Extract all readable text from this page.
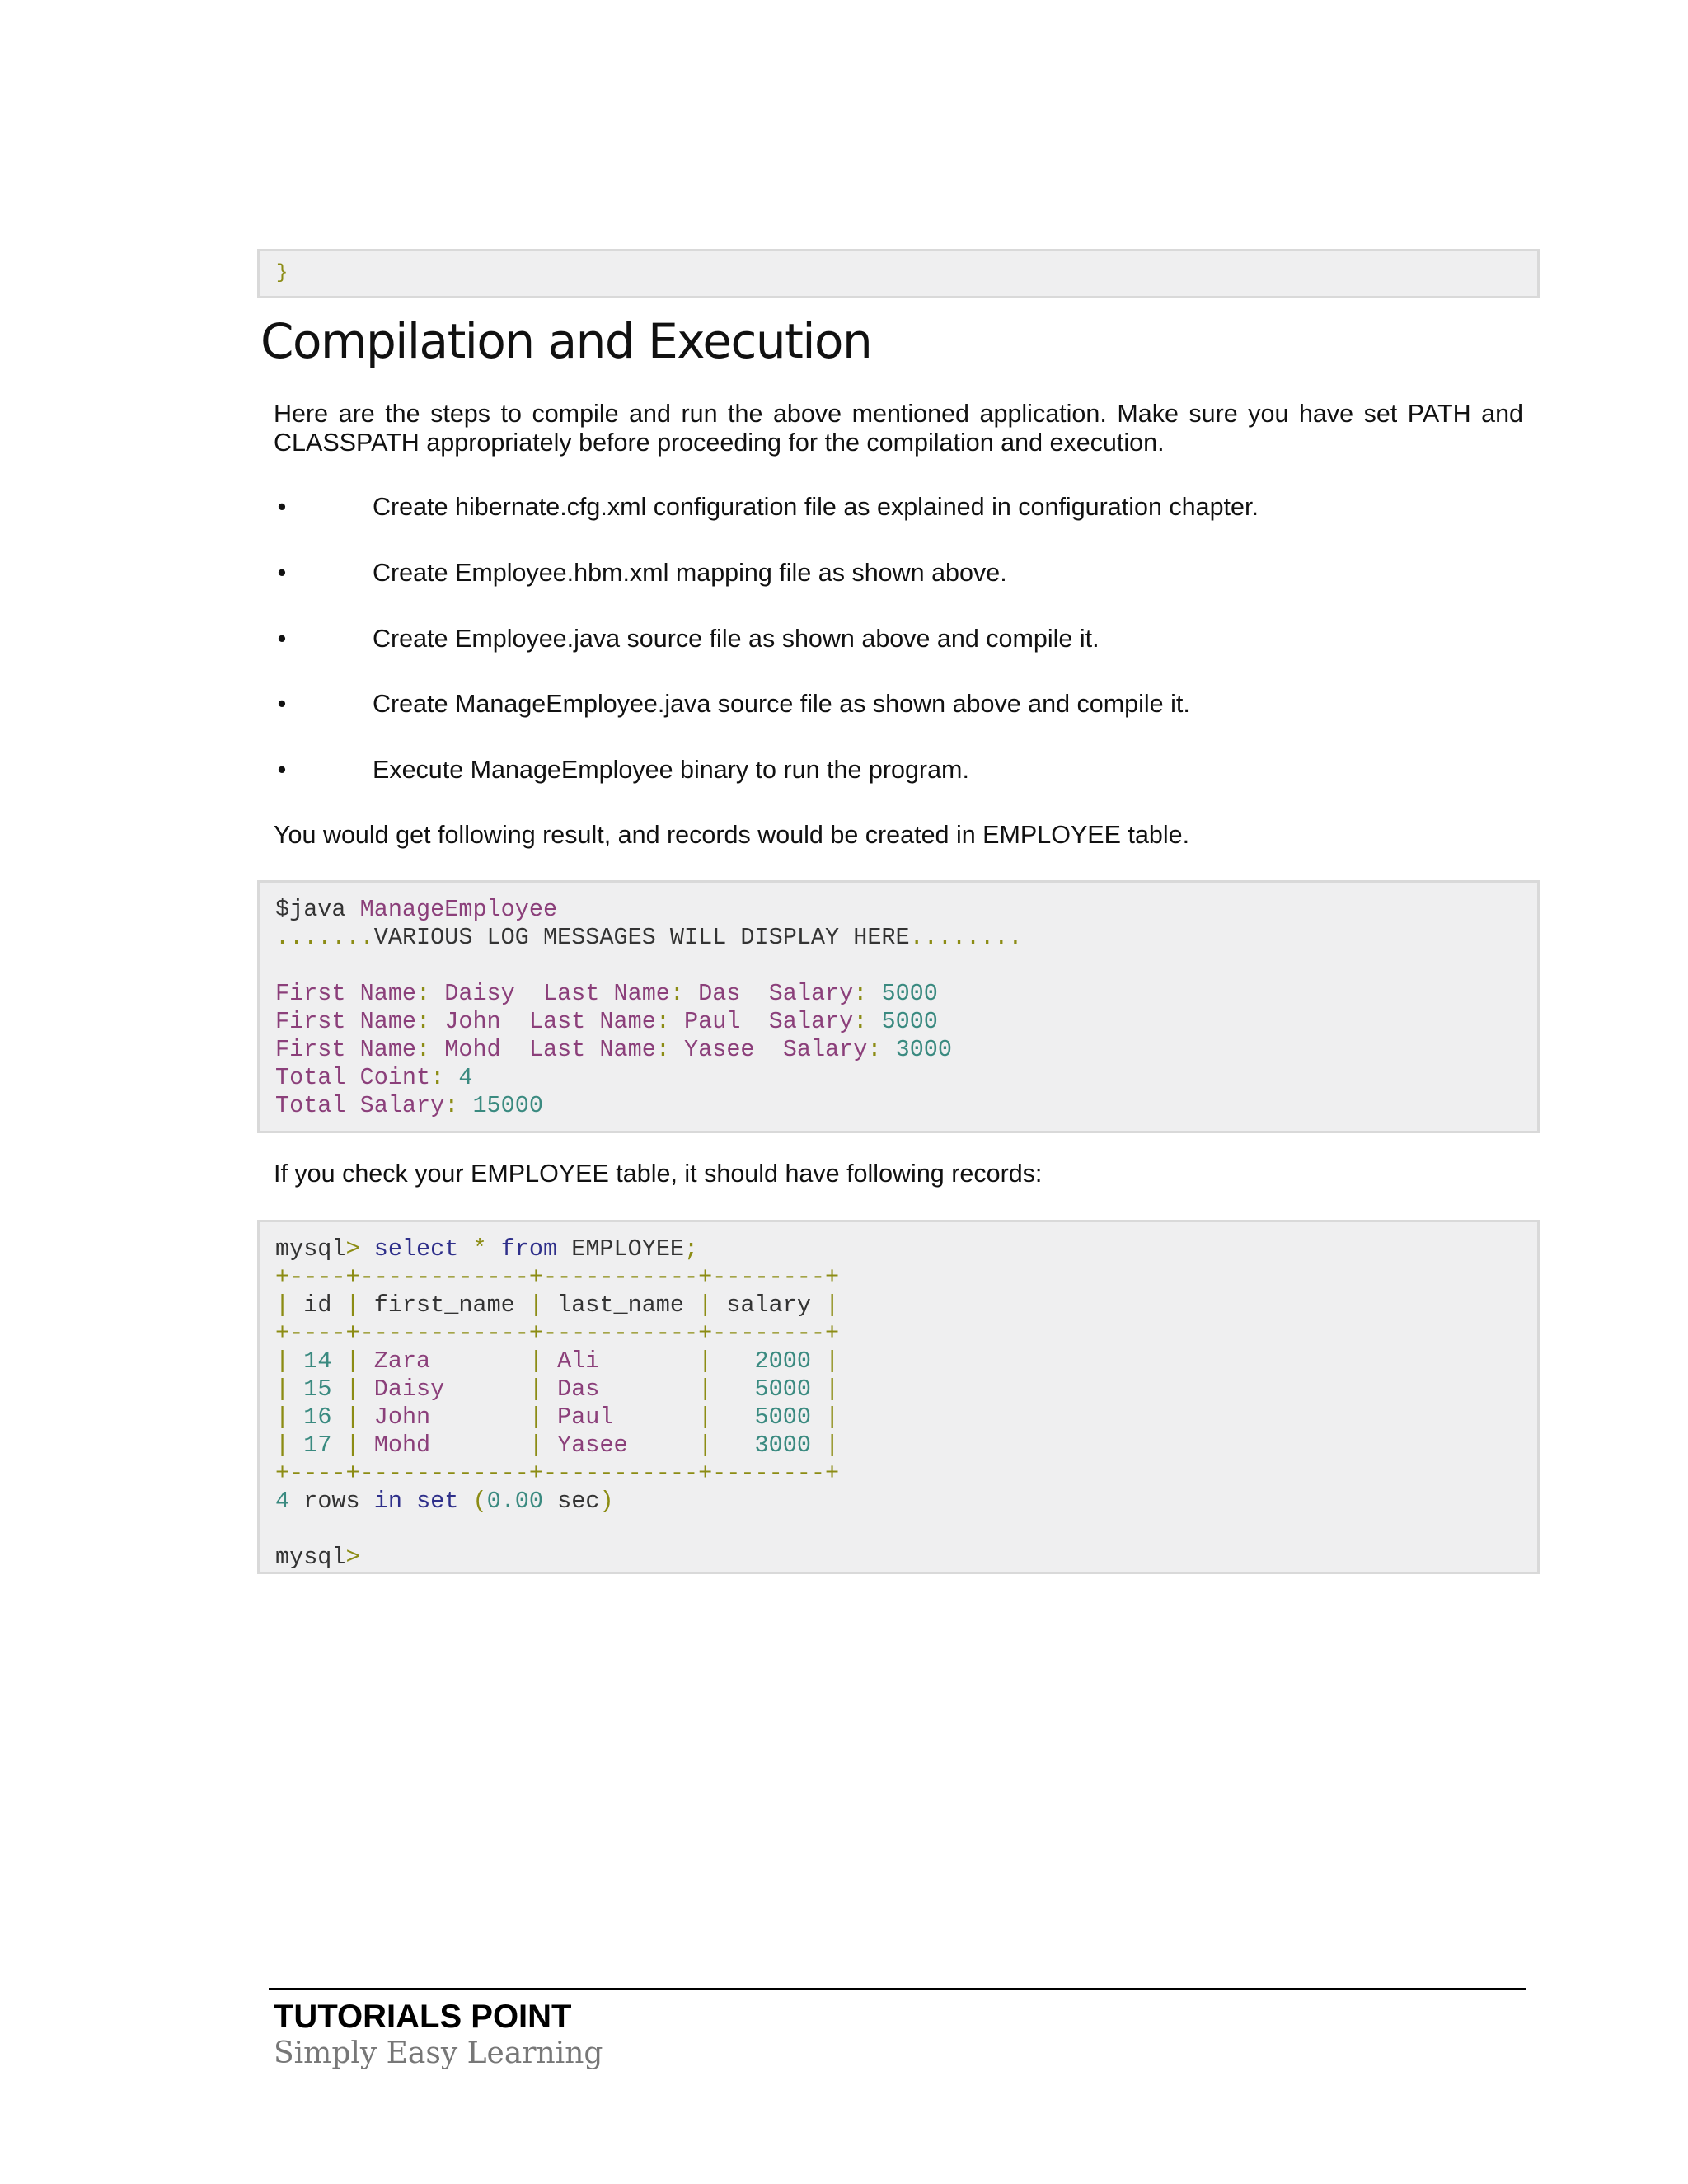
}
Compilation and Execution

Here are the steps to compile and run the above mentioned application. Make sure you have set PATH and CLASSPATH appropriately before proceeding for the compilation and execution.

•	Create hibernate.cfg.xml configuration file as explained in configuration chapter.
•	Create Employee.hbm.xml mapping file as shown above.
•	Create Employee.java source file as shown above and compile it.
•	Create ManageEmployee.java source file as shown above and compile it.
•	Execute ManageEmployee binary to run the program.

You would get following result, and records would be created in EMPLOYEE table.

$java ManageEmployee
.......VARIOUS LOG MESSAGES WILL DISPLAY HERE........

First Name: Daisy  Last Name: Das  Salary: 5000
First Name: John  Last Name: Paul  Salary: 5000
First Name: Mohd  Last Name: Yasee  Salary: 3000
Total Coint: 4
Total Salary: 15000

If you check your EMPLOYEE table, it should have following records:

mysql> select * from EMPLOYEE;
+----+------------+-----------+--------+
| id | first_name | last_name | salary |
+----+------------+-----------+--------+
| 14 | Zara       | Ali       |   2000 |
| 15 | Daisy      | Das       |   5000 |
| 16 | John       | Paul      |   5000 |
| 17 | Mohd       | Yasee     |   3000 |
+----+------------+-----------+--------+
4 rows in set (0.00 sec)

mysql>
TUTORIALS POINT
Simply Easy Learning
